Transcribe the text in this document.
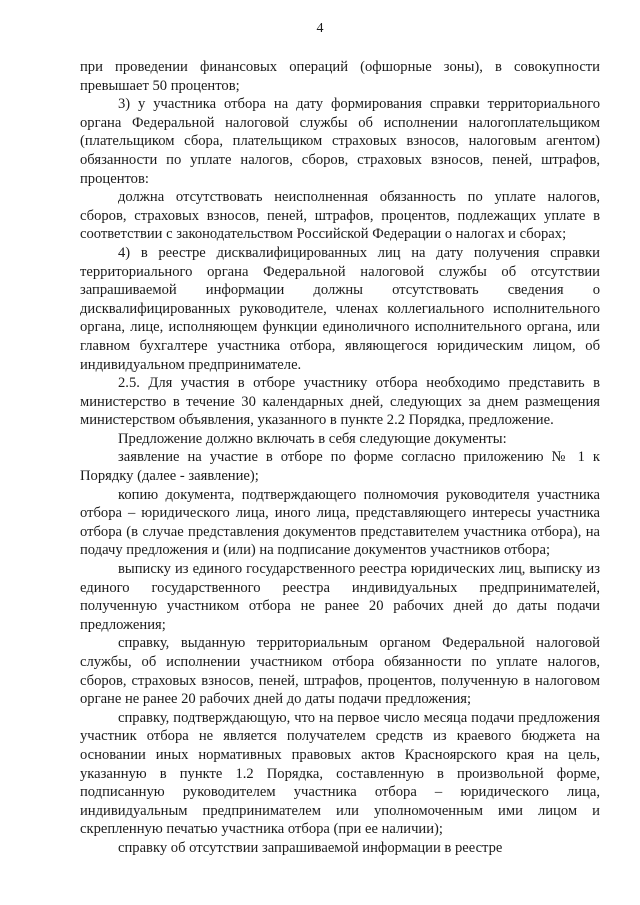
4

при проведении финансовых операций (офшорные зоны), в совокупности превышает 50 процентов;

3) у участника отбора на дату формирования справки территориального органа Федеральной налоговой службы об исполнении налогоплательщиком (плательщиком сбора, плательщиком страховых взносов, налоговым агентом) обязанности по уплате налогов, сборов, страховых взносов, пеней, штрафов, процентов:

должна отсутствовать неисполненная обязанность по уплате налогов, сборов, страховых взносов, пеней, штрафов, процентов, подлежащих уплате в соответствии с законодательством Российской Федерации о налогах и сборах;

4) в реестре дисквалифицированных лиц на дату получения справки территориального органа Федеральной налоговой службы об отсутствии запрашиваемой информации должны отсутствовать сведения о дисквалифицированных руководителе, членах коллегиального исполнительного органа, лице, исполняющем функции единоличного исполнительного органа, или главном бухгалтере участника отбора, являющегося юридическим лицом, об индивидуальном предпринимателе.

2.5. Для участия в отборе участнику отбора необходимо представить в министерство в течение 30 календарных дней, следующих за днем размещения министерством объявления, указанного в пункте 2.2 Порядка, предложение.

Предложение должно включать в себя следующие документы:

заявление на участие в отборе по форме согласно приложению № 1 к Порядку (далее - заявление);

копию документа, подтверждающего полномочия руководителя участника отбора – юридического лица, иного лица, представляющего интересы участника отбора (в случае представления документов представителем участника отбора), на подачу предложения и (или) на подписание документов участников отбора;

выписку из единого государственного реестра юридических лиц, выписку из единого государственного реестра индивидуальных предпринимателей, полученную участником отбора не ранее 20 рабочих дней до даты подачи предложения;

справку, выданную территориальным органом Федеральной налоговой службы, об исполнении участником отбора обязанности по уплате налогов, сборов, страховых взносов, пеней, штрафов, процентов, полученную в налоговом органе не ранее 20 рабочих дней до даты подачи предложения;

справку, подтверждающую, что на первое число месяца подачи предложения участник отбора не является получателем средств из краевого бюджета на основании иных нормативных правовых актов Красноярского края на цель, указанную в пункте 1.2 Порядка, составленную в произвольной форме, подписанную руководителем участника отбора – юридического лица, индивидуальным предпринимателем или уполномоченным ими лицом и скрепленную печатью участника отбора (при ее наличии);

справку об отсутствии запрашиваемой информации в реестре
